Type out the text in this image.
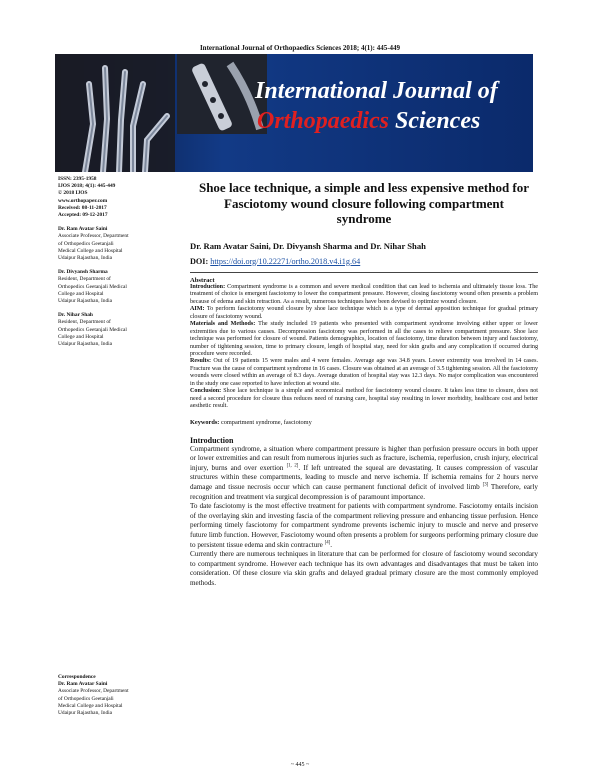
International Journal of Orthopaedics Sciences 2018; 4(1): 445-449
International Journal of
Orthopaedics Sciences
ISSN: 2395-1958
IJOS 2018; 4(1): 445-449
© 2018 IJOS
www.orthopaper.com
Received: 08-11-2017
Accepted: 09-12-2017
Dr. Ram Avatar Saini
Associate Professor, Department
of Orthopedics Geetanjali
Medical College and Hospital
Udaipur Rajasthan, India
Dr. Divyansh Sharma
Resident, Department of
Orthopedics Geetanjali Medical
College and Hospital
Udaipur Rajasthan, India
Dr. Nihar Shah
Resident, Department of
Orthopedics Geetanjali Medical
College and Hospital
Udaipur Rajasthan, India
Correspondence
Dr. Ram Avatar Saini
Associate Professor, Department
of Orthopedics Geetanjali
Medical College and Hospital
Udaipur Rajasthan, India
Shoe lace technique, a simple and less expensive method for Fasciotomy wound closure following compartment syndrome
Dr. Ram Avatar Saini, Dr. Divyansh Sharma and Dr. Nihar Shah
DOI: https://doi.org/10.22271/ortho.2018.v4.i1g.64
Abstract

Introduction: Compartment syndrome is a common and severe medical condition that can lead to ischemia and ultimately tissue loss. The treatment of choice is emergent fasciotomy to lower the compartment pressure. However, closing fasciotomy wound often presents a problem because of edema and skin retraction. As a result, numerous techniques have been devised to optimize wound closure.

AIM: To perform fasciotomy wound closure by shoe lace technique which is a type of dermal apposition technique for gradual primary closure of fasciotomy wound.

Materials and Methods: The study included 19 patients who presented with compartment syndrome involving either upper or lower extremities due to various causes. Decompression fasciotomy was performed in all the cases to relieve compartment pressure. Shoe lace technique was performed for closure of wound. Patients demographics, location of fasciotomy, time duration between injury and fasciotomy, number of tightening session, time to primary closure, length of hospital stay, need for skin grafts and any complication if occurred during procedure were recorded.

Results: Out of 19 patients 15 were males and 4 were females. Average age was 34.8 years. Lower extremity was involved in 14 cases. Fracture was the cause of compartment syndrome in 16 cases. Closure was obtained at an average of 3.5 tightening session. All the fasciotomy wounds were closed within an average of 8.3 days. Average duration of hospital stay was 12.3 days. No major complication was encountered in the study one case reported to have infection at wound site.

Conclusion: Shoe lace technique is a simple and economical method for fasciotomy wound closure. It takes less time to closure, does not need a second procedure for closure thus reduces need of nursing care, hospital stay resulting in lower morbidity, healthcare cost and better aesthetic result.

Keywords: compartment syndrome, fasciotomy
Introduction

Compartment syndrome, a situation where compartment pressure is higher than perfusion pressure occurs in both upper or lower extremities and can result from numerous injuries such as fracture, ischemia, reperfusion, crush injury, electrical injury, burns and over exertion [1, 2]. If left untreated the squeal are devastating. It causes compression of vascular structures within these compartments, leading to muscle and nerve ischemia. If ischemia remains for 2 hours nerve damage and tissue necrosis occur which can cause permanent functional deficit of involved limb [3] Therefore, early recognition and treatment via surgical decompression is of paramount importance.

To date fasciotomy is the most effective treatment for patients with compartment syndrome. Fasciotomy entails incision of the overlaying skin and investing fascia of the compartment relieving pressure and enhancing tissue perfusion. Hence performing timely fasciotomy for compartment syndrome prevents ischemic injury to muscle and nerve and preserve future limb function. However, Fasciotomy wound often presents a problem for surgeons performing primary closure due to persistent tissue edema and skin contracture [4].

Currently there are numerous techniques in literature that can be performed for closure of fasciotomy wound secondary to compartment syndrome. However each technique has its own advantages and disadvantages that must be taken into consideration. Of these closure via skin grafts and delayed gradual primary closure are the most commonly employed methods.

~ 445 ~
